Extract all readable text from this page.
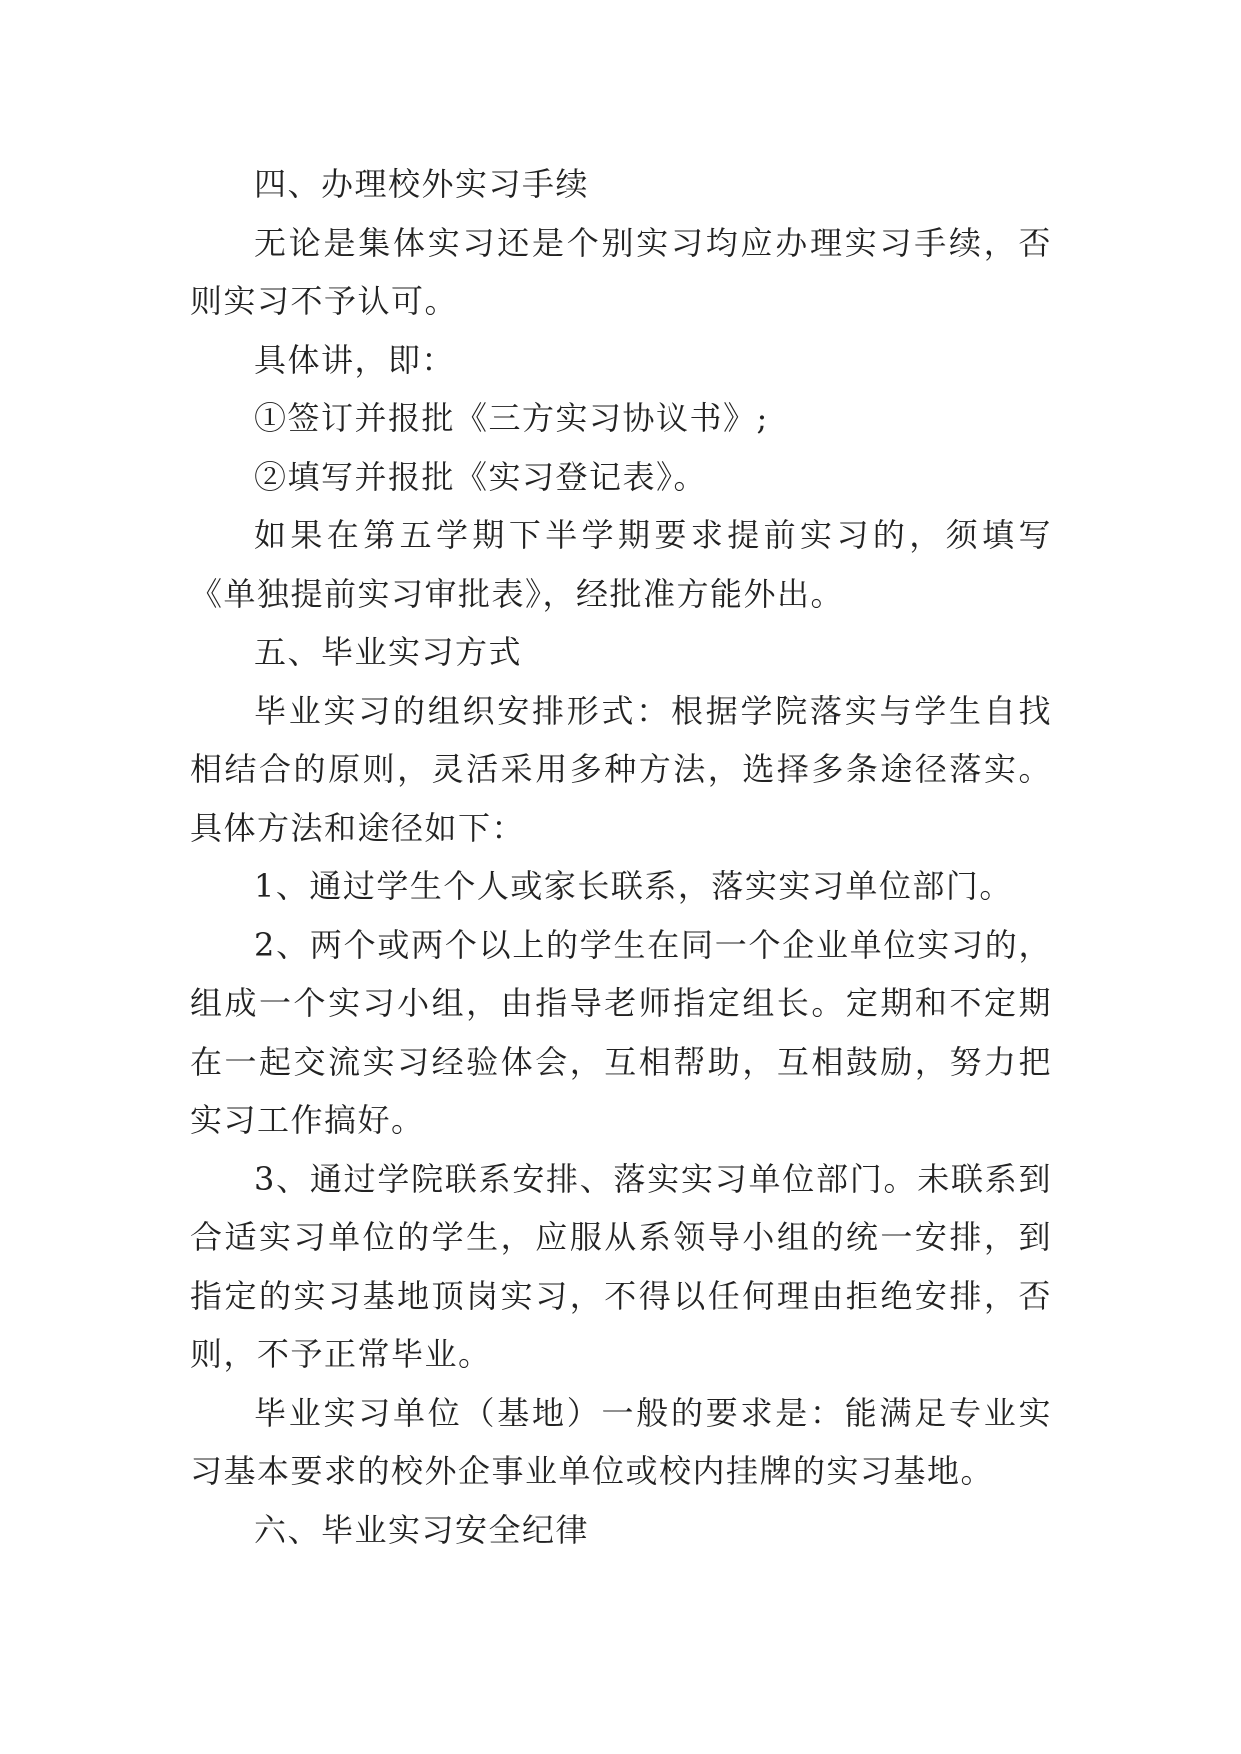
四、办理校外实习手续

无论是集体实习还是个别实习均应办理实习手续，否则实习不予认可。

具体讲，即：

①签订并报批《三方实习协议书》;

②填写并报批《实习登记表》。

如果在第五学期下半学期要求提前实习的，须填写《单独提前实习审批表》，经批准方能外出。

五、毕业实习方式

毕业实习的组织安排形式：根据学院落实与学生自找相结合的原则，灵活采用多种方法，选择多条途径落实。具体方法和途径如下：

1、通过学生个人或家长联系，落实实习单位部门。

2、两个或两个以上的学生在同一个企业单位实习的，组成一个实习小组，由指导老师指定组长。定期和不定期在一起交流实习经验体会，互相帮助，互相鼓励，努力把实习工作搞好。

3、通过学院联系安排、落实实习单位部门。未联系到合适实习单位的学生，应服从系领导小组的统一安排，到指定的实习基地顶岗实习，不得以任何理由拒绝安排，否则，不予正常毕业。

毕业实习单位（基地）一般的要求是：能满足专业实习基本要求的校外企事业单位或校内挂牌的实习基地。

六、毕业实习安全纪律
